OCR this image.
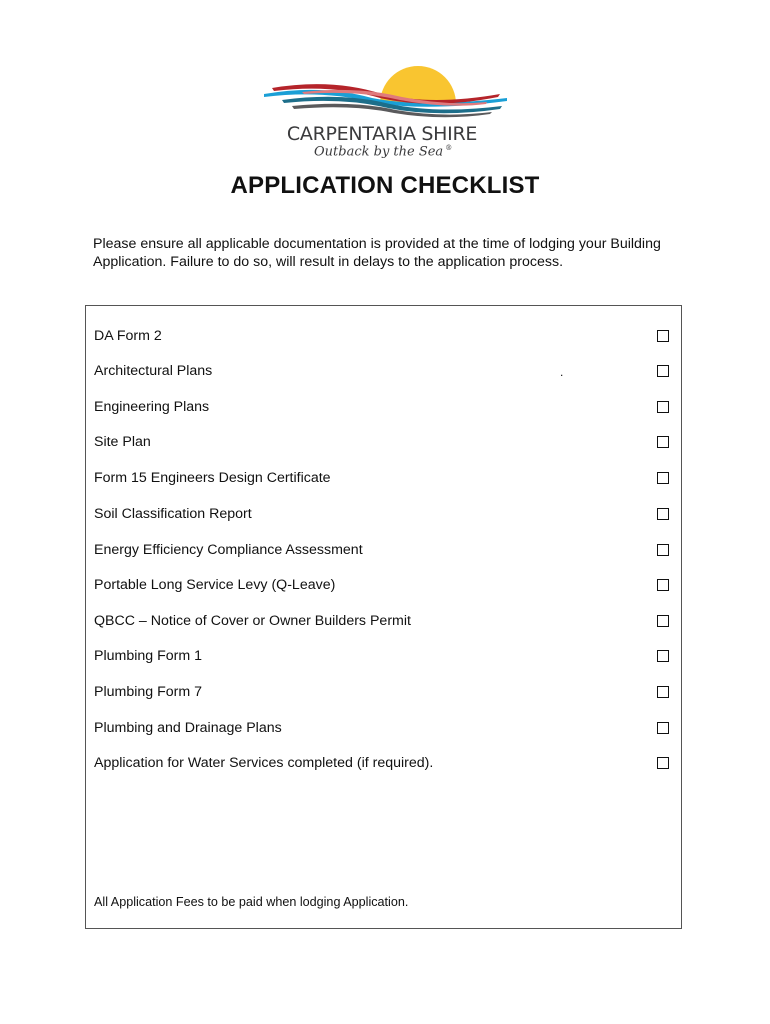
CARPENTARIA SHIRE
Outback by the Sea ®
APPLICATION CHECKLIST

Please ensure all applicable documentation is provided at the time of lodging your Building Application. Failure to do so, will result in delays to the application process.

DA Form 2
Architectural Plans	.
Engineering Plans
Site Plan
Form 15 Engineers Design Certificate
Soil Classification Report
Energy Efficiency Compliance Assessment
Portable Long Service Levy (Q-Leave)
QBCC – Notice of Cover or Owner Builders Permit
Plumbing Form 1
Plumbing Form 7
Plumbing and Drainage Plans
Application for Water Services completed (if required).
All Application Fees to be paid when lodging Application.
